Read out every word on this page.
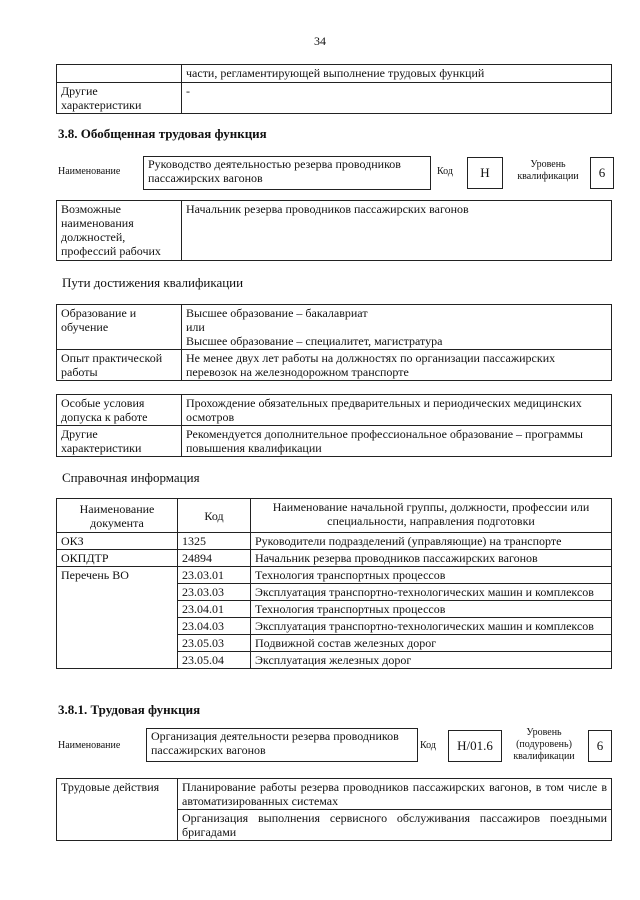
34
	части, регламентирующей выполнение трудовых функций
Другие характеристики	-
3.8. Обобщенная трудовая функция
Наименование
Руководство деятельностью резерва проводников пассажирских вагонов	Код	Н
Уровень квалификации	6
Возможные наименования должностей, профессий рабочих	Начальник резерва проводников пассажирских вагонов
Пути достижения квалификации
Образование и обучение	Высшее образование – бакалавриат
или
Высшее образование – специалитет, магистратура

Опыт практической работы	Не менее двух лет работы на должностях по организации пассажирских перевозок на железнодорожном транспорте
Особые условия допуска к работе	Прохождение обязательных предварительных и периодических медицинских осмотров
Другие характеристики	Рекомендуется дополнительное профессиональное образование – программы повышения квалификации
Справочная информация
Наименование документа	Код	Наименование начальной группы, должности, профессии или специальности, направления подготовки
ОКЗ	1325	Руководители подразделений (управляющие) на транспорте
ОКПДТР	24894	Начальник резерва проводников пассажирских вагонов
Перечень ВО	23.03.01	Технология транспортных процессов
	23.03.03	Эксплуатация транспортно-технологических машин и комплексов
	23.04.01	Технология транспортных процессов
	23.04.03	Эксплуатация транспортно-технологических машин и комплексов
	23.05.03	Подвижной состав железных дорог
	23.05.04	Эксплуатация железных дорог
3.8.1. Трудовая функция
Наименование
Организация деятельности резерва проводников пассажирских вагонов	Код	Н/01.6
Уровень (подуровень) квалификации
6
Трудовые действия	Планирование работы резерва проводников пассажирских вагонов, в том числе в автоматизированных системах
Организация выполнения сервисного обслуживания пассажиров поездными бригадами
